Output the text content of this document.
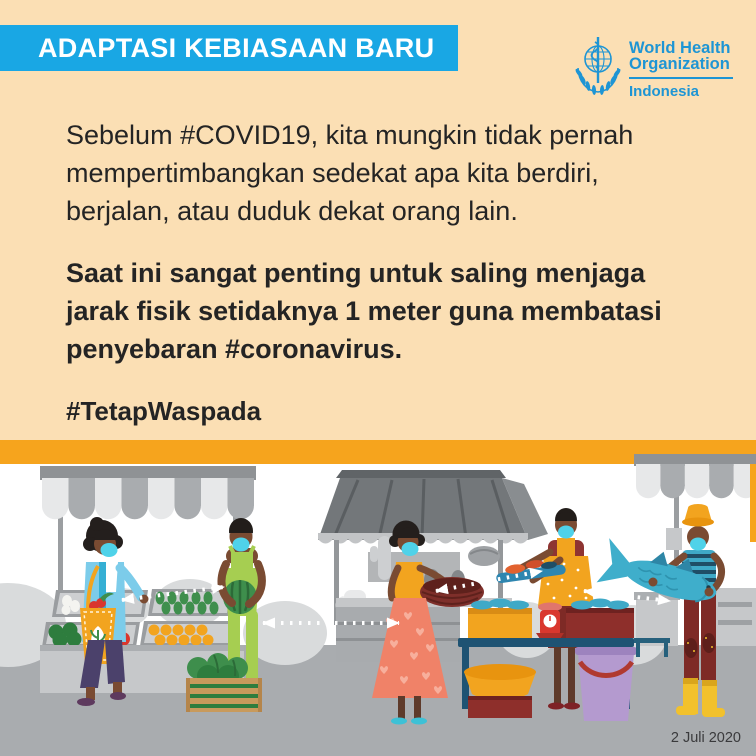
ADAPTASI KEBIASAAN BARU	World Health
Organization
Indonesia

Sebelum #COVID19, kita mungkin tidak pernah mempertimbangkan sedekat apa kita berdiri, berjalan, atau duduk dekat orang lain.

Saat ini sangat penting untuk saling menjaga jarak fisik setidaknya 1 meter guna membatasi penyebaran #coronavirus.

#TetapWaspada

2 Juli 2020
